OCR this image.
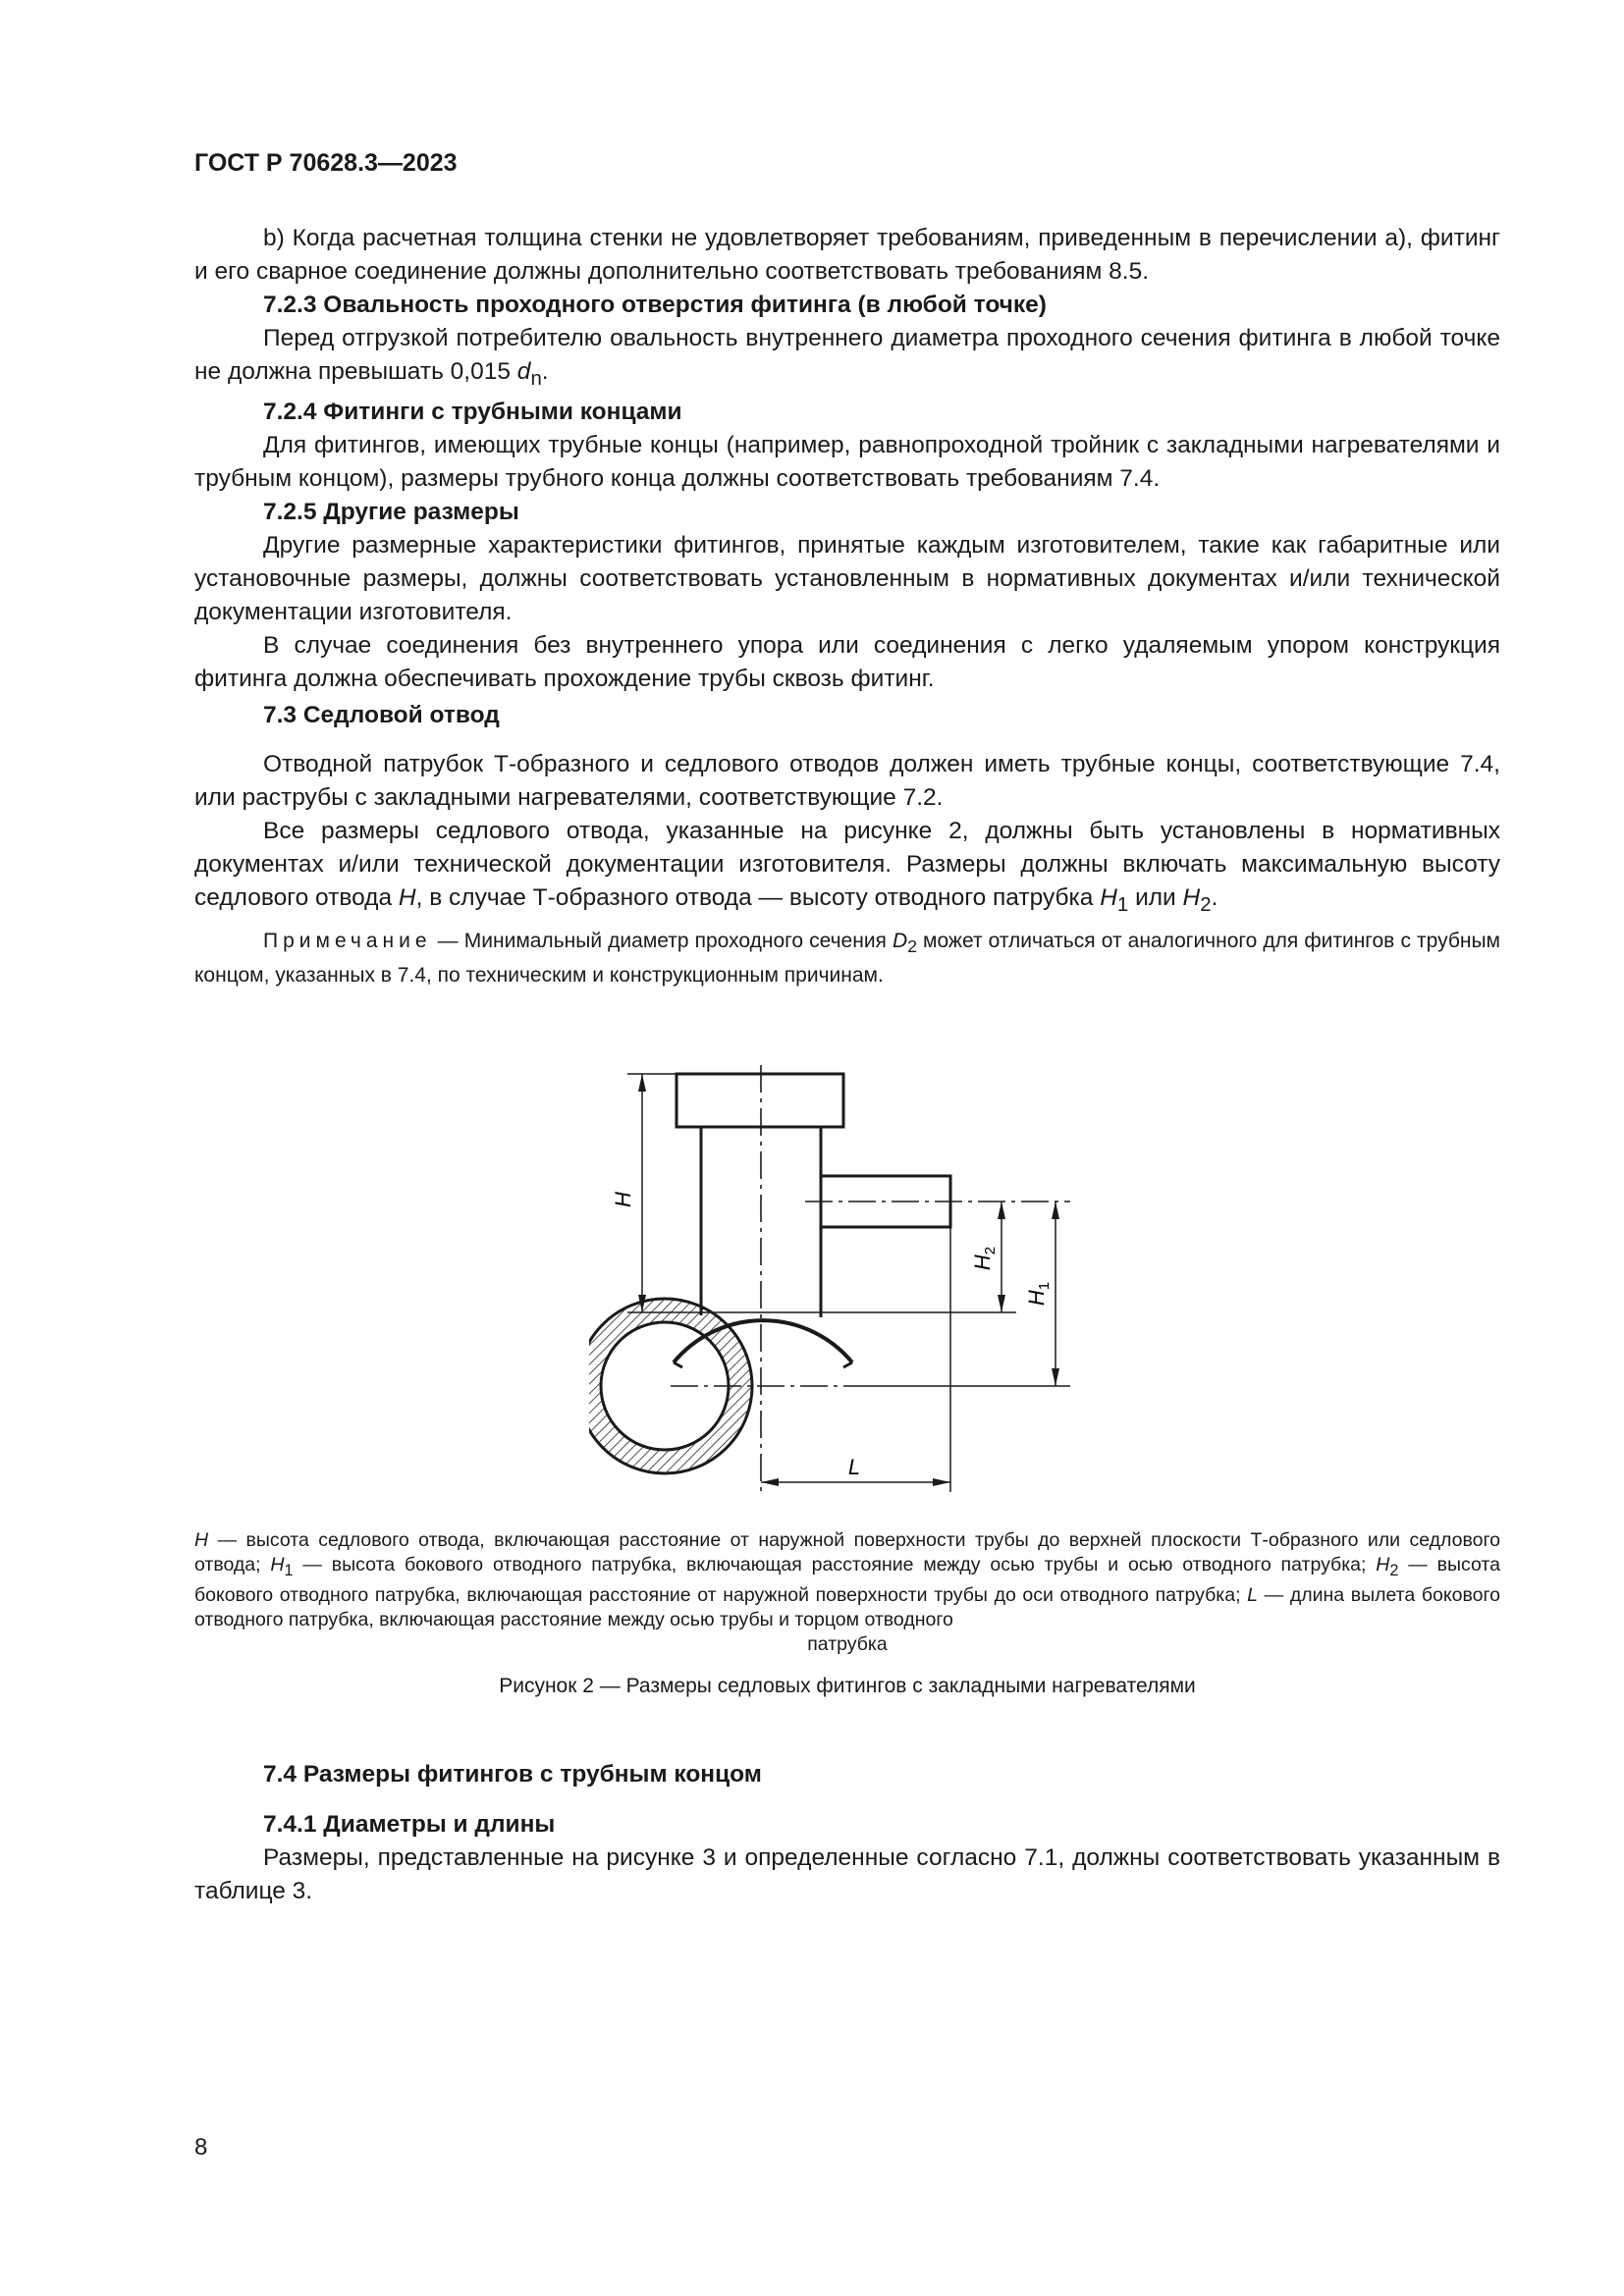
ГОСТ Р 70628.3—2023

b) Когда расчетная толщина стенки не удовлетворяет требованиям, приведенным в перечислении а), фитинг и его сварное соединение должны дополнительно соответствовать требованиям 8.5.

7.2.3 Овальность проходного отверстия фитинга (в любой точке)

Перед отгрузкой потребителю овальность внутреннего диаметра проходного сечения фитинга в любой точке не должна превышать 0,015 $d_n$.

7.2.4 Фитинги с трубными концами

Для фитингов, имеющих трубные концы (например, равнопроходной тройник с закладными нагревателями и трубным концом), размеры трубного конца должны соответствовать требованиям 7.4.

7.2.5 Другие размеры

Другие размерные характеристики фитингов, принятые каждым изготовителем, такие как габаритные или установочные размеры, должны соответствовать установленным в нормативных документах и/или технической документации изготовителя.

В случае соединения без внутреннего упора или соединения с легко удаляемым упором конструкция фитинга должна обеспечивать прохождение трубы сквозь фитинг.

7.3 Седловой отвод

Отводной патрубок Т-образного и седлового отводов должен иметь трубные концы, соответствующие 7.4, или раструбы с закладными нагревателями, соответствующие 7.2.

Все размеры седлового отвода, указанные на рисунке 2, должны быть установлены в нормативных документах и/или технической документации изготовителя. Размеры должны включать максимальную высоту седлового отвода H, в случае Т-образного отвода — высоту отводного патрубка $H_1$ или $H_2$.

Примечание — Минимальный диаметр проходного сечения $D_2$ может отличаться от аналогичного для фитингов с трубным концом, указанных в 7.4, по техническим и конструкционным причинам.

H
$H_2$
$H_1$
L
H — высота седлового отвода, включающая расстояние от наружной поверхности трубы до верхней плоскости Т-образного или седлового отвода; $H_1$ — высота бокового отводного патрубка, включающая расстояние между осью трубы и осью отводного патрубка; $H_2$ — высота бокового отводного патрубка, включающая расстояние от наружной поверхности трубы до оси отводного патрубка; L — длина вылета бокового отводного патрубка, включающая расстояние между осью трубы и торцом отводного
патрубка
Рисунок 2 — Размеры седловых фитингов с закладными нагревателями

7.4 Размеры фитингов с трубным концом

7.4.1 Диаметры и длины

Размеры, представленные на рисунке 3 и определенные согласно 7.1, должны соответствовать указанным в таблице 3.

8
